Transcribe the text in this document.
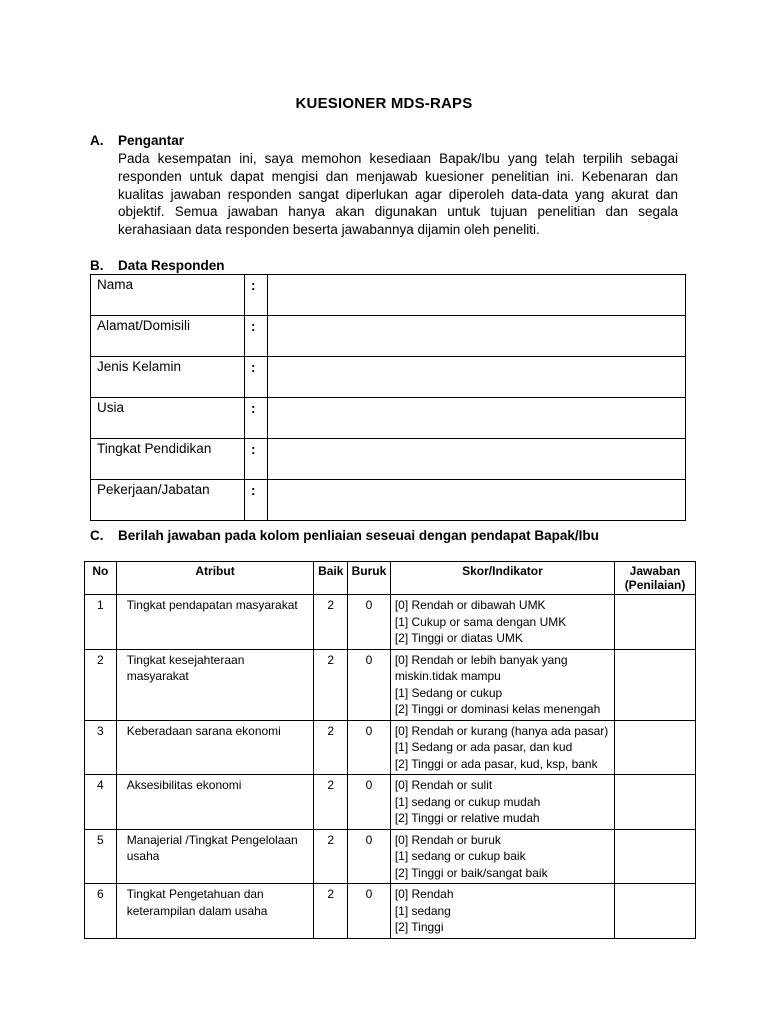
KUESIONER MDS-RAPS
A. Pengantar
Pada kesempatan ini, saya memohon kesediaan Bapak/Ibu yang telah terpilih sebagai responden untuk dapat mengisi dan menjawab kuesioner penelitian ini. Kebenaran dan kualitas jawaban responden sangat diperlukan agar diperoleh data-data yang akurat dan objektif. Semua jawaban hanya akan digunakan untuk tujuan penelitian dan segala kerahasiaan data responden beserta jawabannya dijamin oleh peneliti.
B. Data Responden
Nama	:	
Alamat/Domisili	:	
Jenis Kelamin	:	
Usia	:	
Tingkat Pendidikan	:	
Pekerjaan/Jabatan	:	
C. Berilah jawaban pada kolom penliaian seseuai dengan pendapat Bapak/Ibu
No	Atribut	Baik	Buruk	Skor/Indikator	Jawaban
(Penilaian)

1	Tingkat pendapatan masyarakat	2	0	[0] Rendah or dibawah UMK
[1] Cukup or sama dengan UMK
[2] Tinggi or diatas UMK	

2	Tingkat kesejahteraan masyarakat	2	0	[0] Rendah or lebih banyak yang miskin.tidak mampu
[1] Sedang or cukup
[2] Tinggi or dominasi kelas menengah	

3	Keberadaan sarana ekonomi	2	0	[0] Rendah or kurang (hanya ada pasar)
[1] Sedang or ada pasar, dan kud
[2] Tinggi or ada pasar, kud, ksp, bank	

4	Aksesibilitas ekonomi	2	0	[0] Rendah or sulit
[1] sedang or cukup mudah
[2] Tinggi or relative mudah	

5	Manajerial /Tingkat Pengelolaan usaha	2	0	[0] Rendah or buruk
[1] sedang or cukup baik
[2] Tinggi or baik/sangat baik	

6	Tingkat Pengetahuan dan keterampilan dalam usaha	2	0	[0] Rendah
[1] sedang
[2] Tinggi	
